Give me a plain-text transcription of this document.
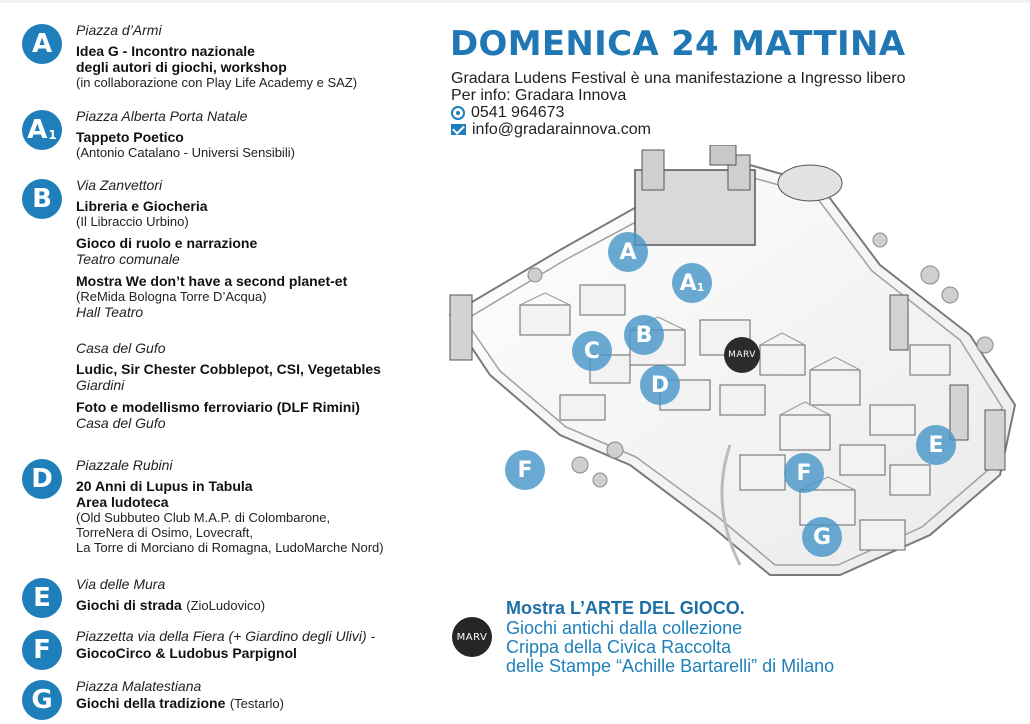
A Piazza d’Armi
Idea G - Incontro nazionale
degli autori di giochi, workshop
(in collaborazione con Play Life Academy e SAZ)
A 1
Piazza Alberta Porta Natale
Tappeto Poetico
(Antonio Catalano - Universi Sensibili)
B Via Zanvettori
Libreria e Giocheria
(Il Libraccio Urbino)
Gioco di ruolo e narrazione
Teatro comunale
Mostra We don’t have a second planet-et
(ReMida Bologna Torre D’Acqua)
Hall Teatro
Casa del Gufo
Ludic, Sir Chester Cobblepot, CSI, Vegetables
Giardini
Foto e modellismo ferroviario (DLF Rimini)
Casa del Gufo
D Piazzale Rubini
20 Anni di Lupus in Tabula
Area ludoteca
(Old Subbuteo Club M.A.P. di Colombarone,
TorreNera di Osimo, Lovecraft,
La Torre di Morciano di Romagna, LudoMarche Nord)
E Via delle Mura
Giochi di strada (ZioLudovico)
F Piazzetta via della Fiera (+ Giardino degli Ulivi) -
GiocoCirco & Ludobus Parpignol
G Piazza Malatestiana
Giochi della tradizione (Testarlo)
DOMENICA 24 MATTINA
Gradara Ludens Festival è una manifestazione a Ingresso libero
Per info: Gradara Innova
0541 964673
info@gradarainnova.com
A
A 1
B
C
D
E
F	F
G
MARV
MARV
Mostra L’ARTE DEL GIOCO.
Giochi antichi dalla collezione
Crippa della Civica Raccolta
delle Stampe “Achille Bartarelli” di Milano
